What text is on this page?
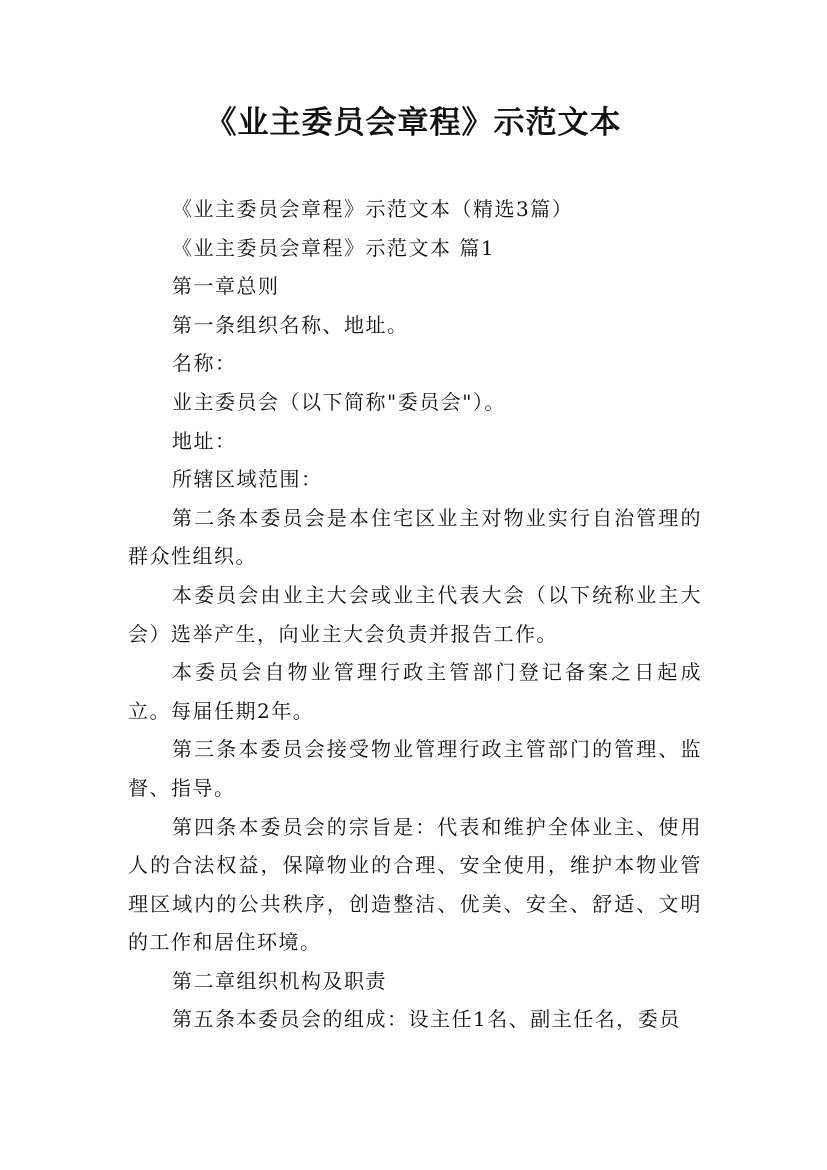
《业主委员会章程》示范文本

《业主委员会章程》示范文本（精选3篇）

《业主委员会章程》示范文本 篇1

第一章总则

第一条组织名称、地址。

名称：

业主委员会（以下简称"委员会"）。

地址：

所辖区域范围：

第二条本委员会是本住宅区业主对物业实行自治管理的群众性组织。

本委员会由业主大会或业主代表大会（以下统称业主大会）选举产生，向业主大会负责并报告工作。

本委员会自物业管理行政主管部门登记备案之日起成立。每届任期2年。

第三条本委员会接受物业管理行政主管部门的管理、监督、指导。

第四条本委员会的宗旨是：代表和维护全体业主、使用人的合法权益，保障物业的合理、安全使用，维护本物业管理区域内的公共秩序，创造整洁、优美、安全、舒适、文明的工作和居住环境。

第二章组织机构及职责

第五条本委员会的组成：设主任1名、副主任名，委员
